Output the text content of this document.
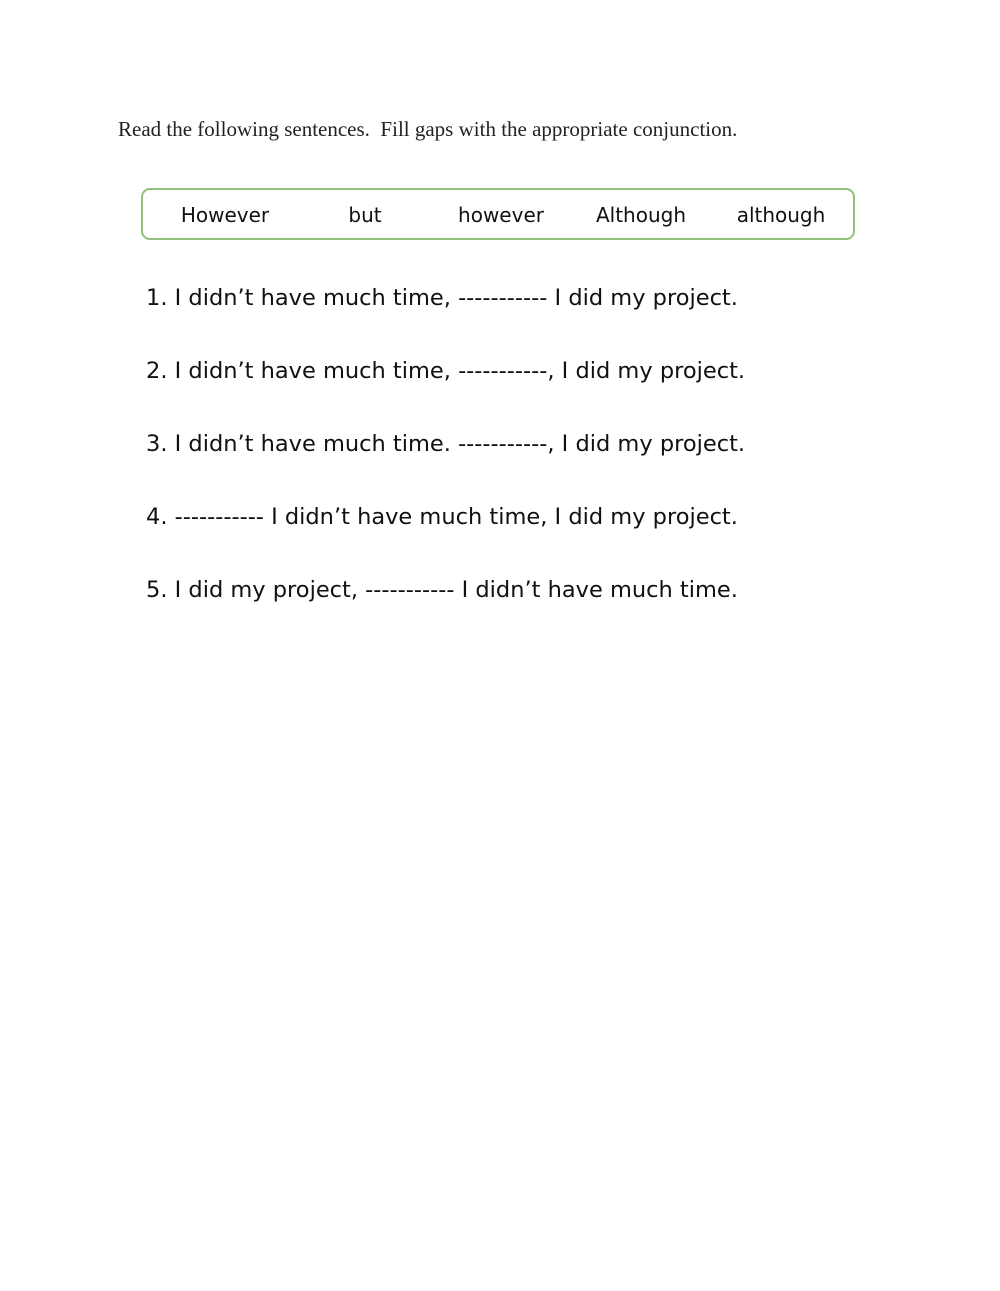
Read the following sentences.  Fill gaps with the appropriate conjunction.

However	but	however	Although	although
1. I didn’t have much time, ----------- I did my project.
2. I didn’t have much time, -----------, I did my project.
3. I didn’t have much time. -----------, I did my project.
4. ----------- I didn’t have much time, I did my project.
5. I did my project, ----------- I didn’t have much time.
